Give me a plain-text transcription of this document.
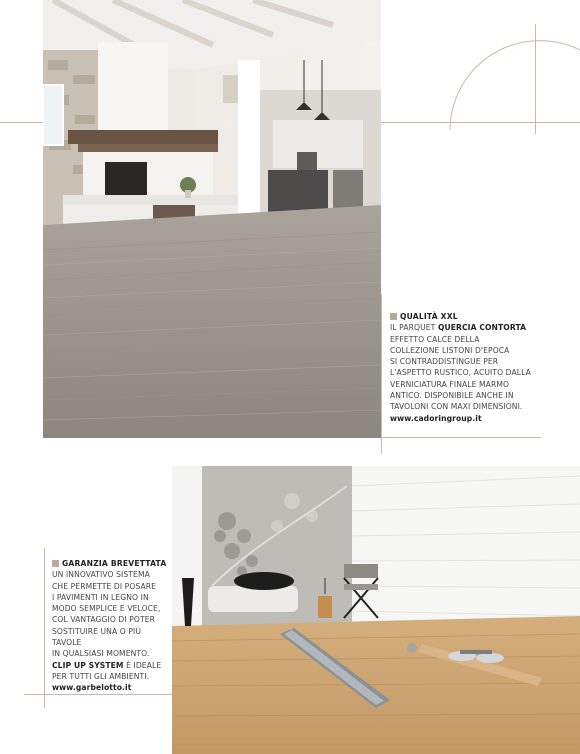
QUALITÀ XXL
IL PARQUET QUERCIA CONTORTA
EFFETTO CALCE DELLA
COLLEZIONE LISTONI D'EPOCA
SI CONTRADDISTINGUE PER
L'ASPETTO RUSTICO, ACUITO DALLA
VERNICIATURA FINALE MARMO
ANTICO. DISPONIBILE ANCHE IN
TAVOLONI CON MAXI DIMENSIONI.
www.cadoringroup.it
GARANZIA BREVETTATA
UN INNOVATIVO SISTEMA
CHE PERMETTE DI POSARE
I PAVIMENTI IN LEGNO IN
MODO SEMPLICE E VELOCE,
COL VANTAGGIO DI POTER
SOSTITUIRE UNA O PIÙ TAVOLE
IN QUALSIASI MOMENTO.
CLIP UP SYSTEM È IDEALE
PER TUTTI GLI AMBIENTI.
www.garbelotto.it
